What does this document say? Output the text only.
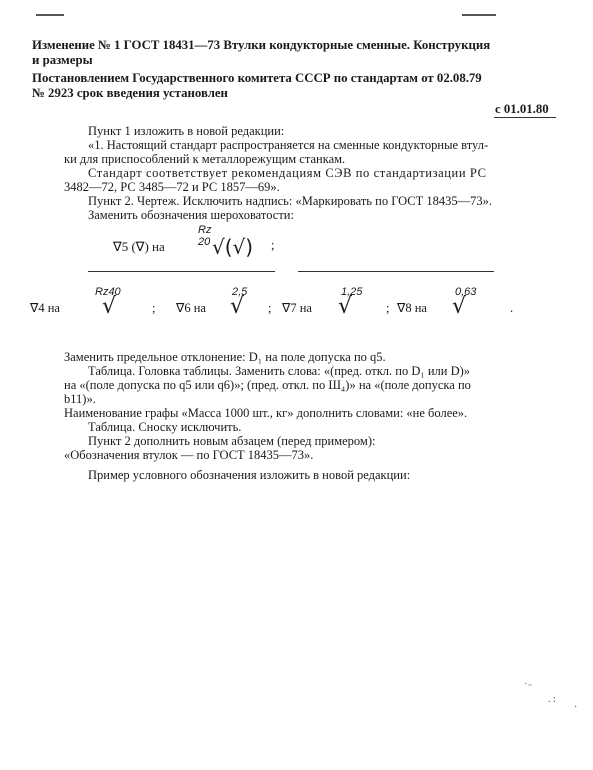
Изменение № 1 ГОСТ 18431—73 Втулки кондукторные сменные. Конструкция
и размеры
Постановлением Государственного комитета СССР по стандартам от 02.08.79
№ 2923 срок введения установлен
с 01.01.80
Пункт 1 изложить в новой редакции:
«1. Настоящий стандарт распространяется на сменные кондукторные втул-
ки для приспособлений к металлорежущим станкам.
Стандарт соответствует рекомендациям СЭВ по стандартизации РС
3482—72, РС 3485—72 и РС 1857—69».
Пункт 2. Чертеж. Исключить надпись: «Маркировать по ГОСТ 18435—73».
Заменить обозначения шероховатости:
∇5 (∇) на
Rz 20 √(√) ;
∇4 на
Rz40
√	; ∇6 на
2,5
√ ; ∇7 на
1,25
√	; ∇8 на
0,63
√	.
Заменить предельное отклонение: D₁ на поле допуска по q5.
Таблица. Головка таблицы. Заменить слова: «(пред. откл. по D₁ или D)»
на «(поле допуска по q5 или q6)»; (пред. откл. по Ш₄)» на «(поле допуска по
b11)».
Наименование графы «Масса 1000 шт., кг» дополнить словами: «не более».
Таблица. Сноску исключить.
Пункт 2 дополнить новым абзацем (перед примером):
«Обозначения втулок — по ГОСТ 18435—73».
Пример условного обозначения изложить в новой редакции:
˙⁻
. :
·
